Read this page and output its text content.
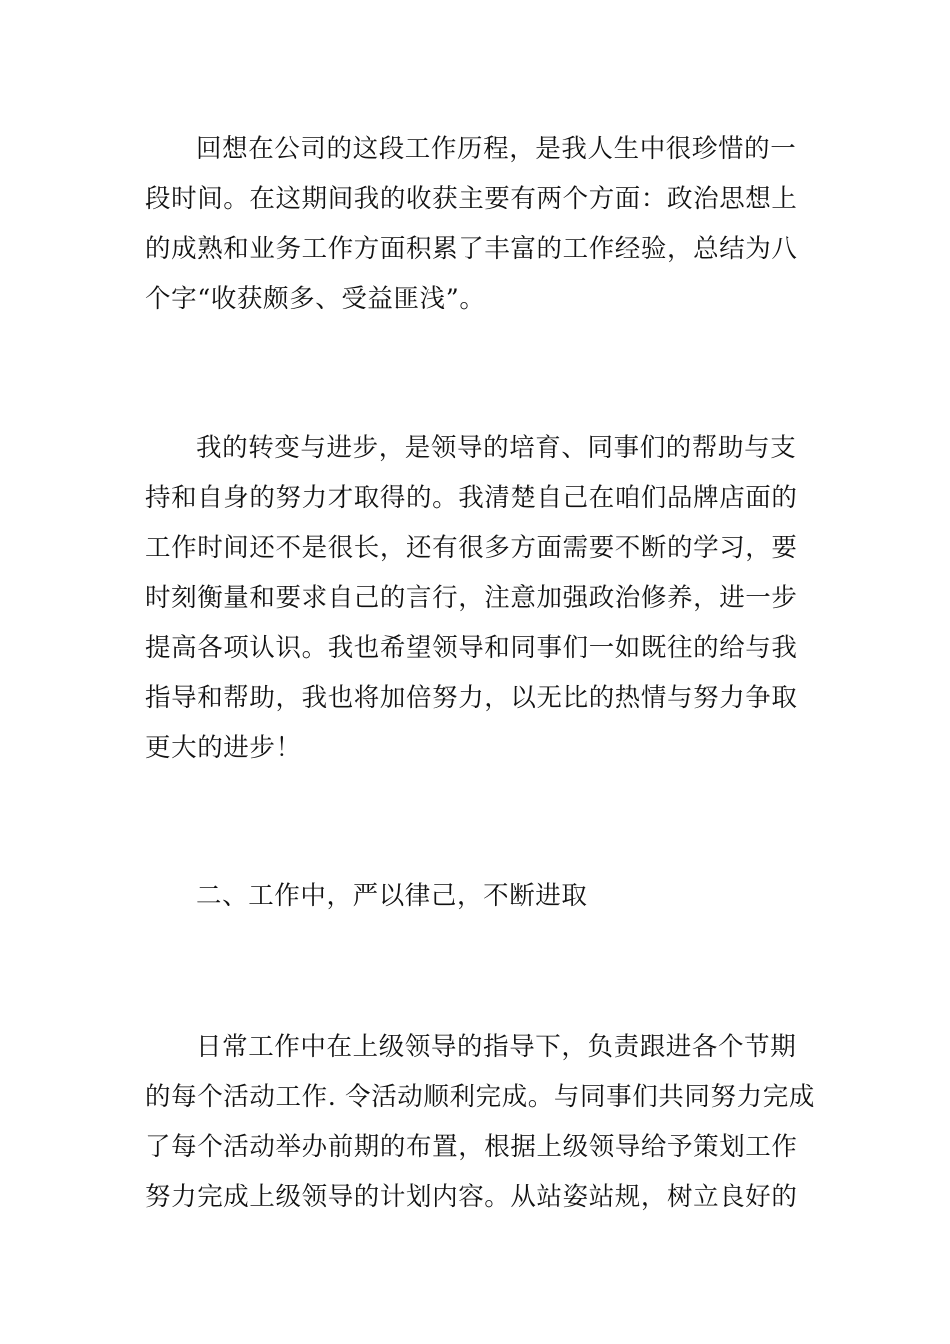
回想在公司的这段工作历程，是我人生中很珍惜的一
段时间。在这期间我的收获主要有两个方面：政治思想上
的成熟和业务工作方面积累了丰富的工作经验，总结为八
个字“收获颇多、受益匪浅”。
我的转变与进步，是领导的培育、同事们的帮助与支
持和自身的努力才取得的。我清楚自己在咱们品牌店面的
工作时间还不是很长，还有很多方面需要不断的学习，要
时刻衡量和要求自己的言行，注意加强政治修养，进一步
提高各项认识。我也希望领导和同事们一如既往的给与我
指导和帮助，我也将加倍努力，以无比的热情与努力争取
更大的进步！
二、工作中，严以律己，不断进取
日常工作中在上级领导的指导下，负责跟进各个节期
的每个活动工作. 令活动顺利完成。与同事们共同努力完成
了每个活动举办前期的布置，根据上级领导给予策划工作
努力完成上级领导的计划内容。从站姿站规，树立良好的
